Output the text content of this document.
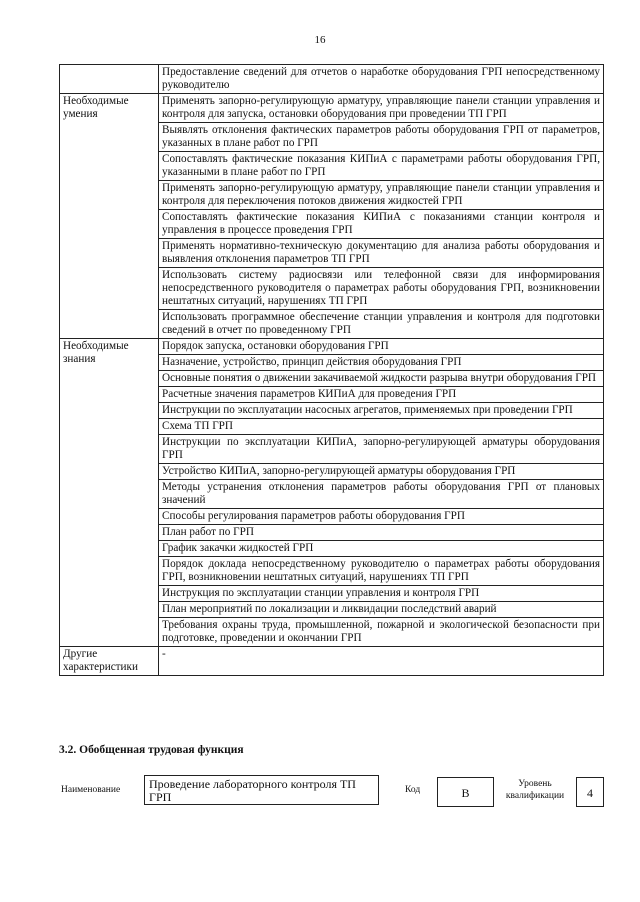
16
	Предоставление сведений для отчетов о наработке оборудования ГРП непосредственному руководителю
Необходимые умения	Применять запорно-регулирующую арматуру, управляющие панели станции управления и контроля для запуска, остановки оборудования при проведении ТП ГРП
	Выявлять отклонения фактических параметров работы оборудования ГРП от параметров, указанных в плане работ по ГРП
	Сопоставлять фактические показания КИПиА с параметрами работы оборудования ГРП, указанными в плане работ по ГРП
	Применять запорно-регулирующую арматуру, управляющие панели станции управления и контроля для переключения потоков движения жидкостей ГРП
	Сопоставлять фактические показания КИПиА с показаниями станции контроля и управления в процессе проведения ГРП
	Применять нормативно-техническую документацию для анализа работы оборудования и выявления отклонения параметров ТП ГРП
	Использовать систему радиосвязи или телефонной связи для информирования непосредственного руководителя о параметрах работы оборудования ГРП, возникновении нештатных ситуаций, нарушениях ТП ГРП
	Использовать программное обеспечение станции управления и контроля для подготовки сведений в отчет по проведенному ГРП
Необходимые знания	Порядок запуска, остановки оборудования ГРП
	Назначение, устройство, принцип действия оборудования ГРП
	Основные понятия о движении закачиваемой жидкости разрыва внутри оборудования ГРП
	Расчетные значения параметров КИПиА для проведения ГРП
	Инструкции по эксплуатации насосных агрегатов, применяемых при проведении ГРП
	Схема ТП ГРП
	Инструкции по эксплуатации КИПиА, запорно-регулирующей арматуры оборудования ГРП
	Устройство КИПиА, запорно-регулирующей арматуры оборудования ГРП
	Методы устранения отклонения параметров работы оборудования ГРП от плановых значений
	Способы регулирования параметров работы оборудования ГРП
	План работ по ГРП
	График закачки жидкостей ГРП
	Порядок доклада непосредственному руководителю о параметрах работы оборудования ГРП, возникновении нештатных ситуаций, нарушениях ТП ГРП
	Инструкция по эксплуатации станции управления и контроля ГРП
	План мероприятий по локализации и ликвидации последствий аварий
	Требования охраны труда, промышленной, пожарной и экологической безопасности при подготовке, проведении и окончании ГРП
Другие характеристики	-
3.2. Обобщенная трудовая функция
Наименование	Проведение лабораторного контроля ТП ГРП	Код	В
Уровень квалификации	4
